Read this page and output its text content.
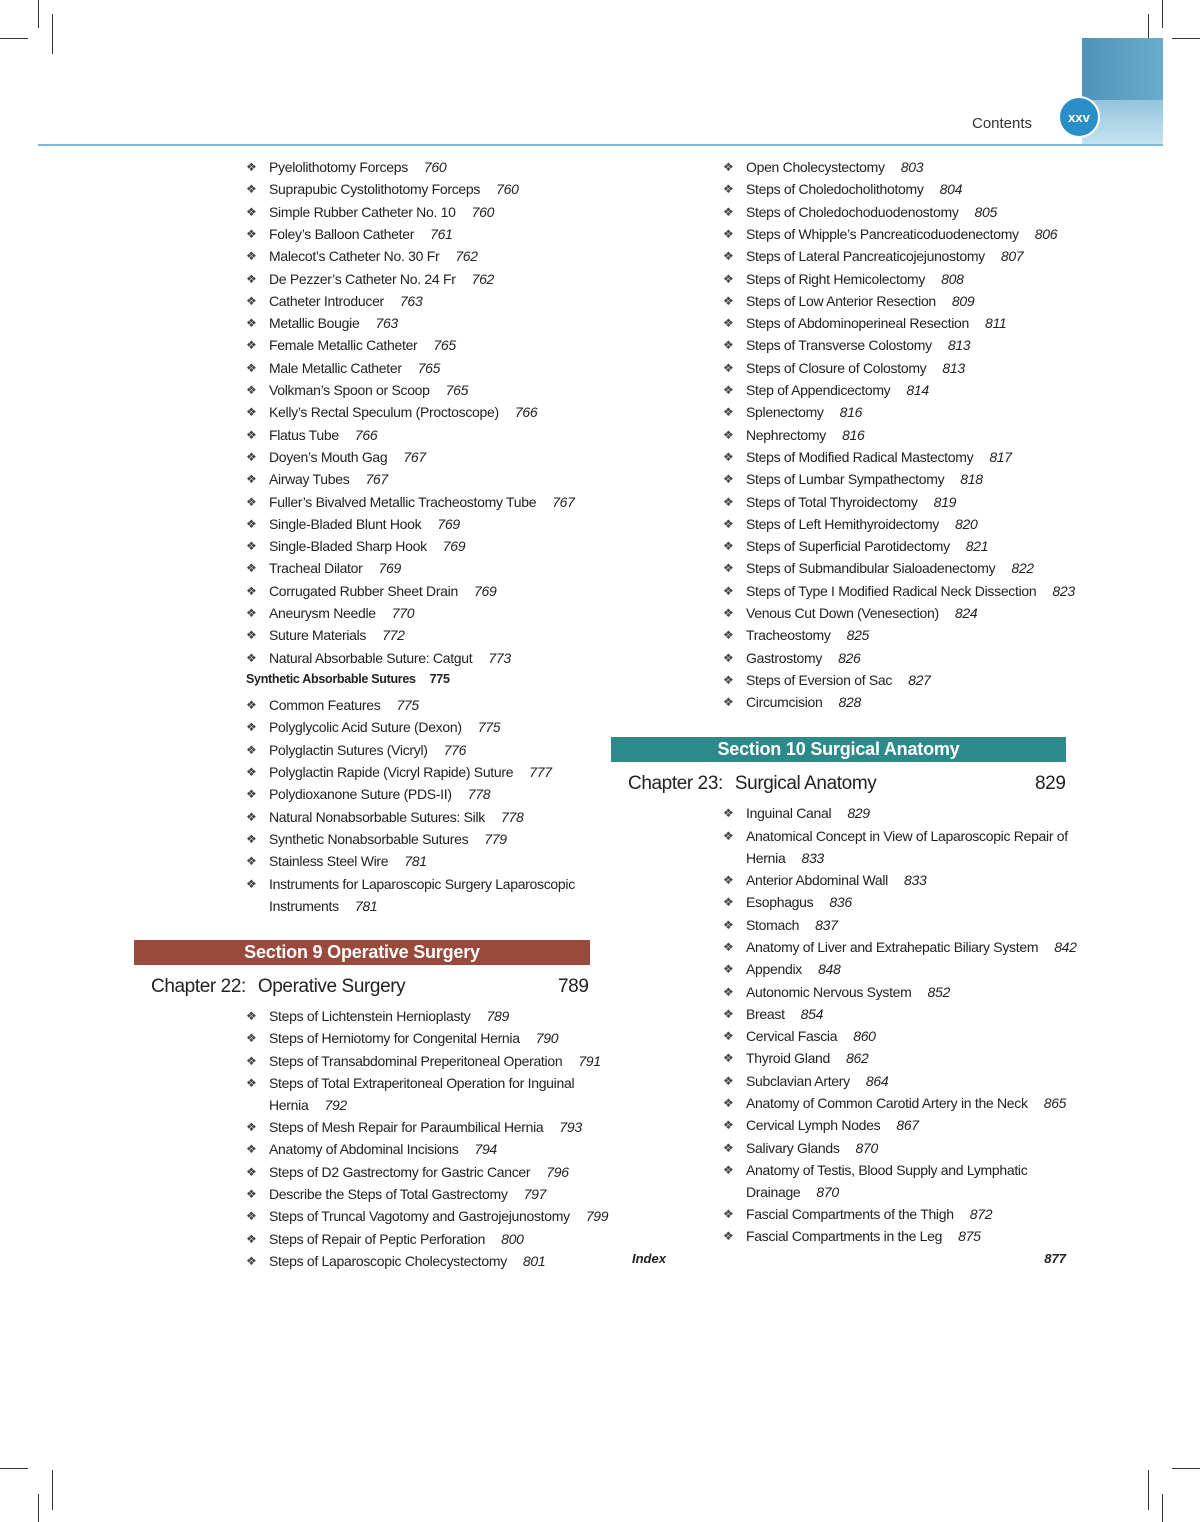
Contents	xxv
❖ Pyelolithotomy Forceps 760
❖ Suprapubic Cystolithotomy Forceps 760
❖ Simple Rubber Catheter No. 10 760
❖ Foley’s Balloon Catheter 761
❖ Malecot’s Catheter No. 30 Fr 762
❖ De Pezzer’s Catheter No. 24 Fr 762
❖ Catheter Introducer 763
❖ Metallic Bougie 763
❖ Female Metallic Catheter 765
❖ Male Metallic Catheter 765
❖ Volkman’s Spoon or Scoop 765
❖ Kelly’s Rectal Speculum (Proctoscope) 766
❖ Flatus Tube 766
❖ Doyen’s Mouth Gag 767
❖ Airway Tubes 767
❖ Fuller’s Bivalved Metallic Tracheostomy Tube 767
❖ Single-Bladed Blunt Hook 769
❖ Single-Bladed Sharp Hook 769
❖ Tracheal Dilator 769
❖ Corrugated Rubber Sheet Drain 769
❖ Aneurysm Needle 770
❖ Suture Materials 772
❖ Natural Absorbable Suture: Catgut 773
Synthetic Absorbable Sutures 775
❖ Common Features 775
❖ Polyglycolic Acid Suture (Dexon) 775
❖ Polyglactin Sutures (Vicryl) 776
❖ Polyglactin Rapide (Vicryl Rapide) Suture 777
❖ Polydioxanone Suture (PDS-II) 778
❖ Natural Nonabsorbable Sutures: Silk 778
❖ Synthetic Nonabsorbable Sutures 779
❖ Stainless Steel Wire 781
❖ Instruments for Laparoscopic Surgery Laparoscopic
Instruments 781
Section 9 Operative Surgery
Chapter 22: Operative Surgery	789
❖ Steps of Lichtenstein Hernioplasty 789
❖ Steps of Herniotomy for Congenital Hernia 790
❖ Steps of Transabdominal Preperitoneal Operation 791
❖ Steps of Total Extraperitoneal Operation for Inguinal
Hernia 792
❖ Steps of Mesh Repair for Paraumbilical Hernia 793
❖ Anatomy of Abdominal Incisions 794
❖ Steps of D2 Gastrectomy for Gastric Cancer 796
❖ Describe the Steps of Total Gastrectomy 797
❖ Steps of Truncal Vagotomy and Gastrojejunostomy 799
❖ Steps of Repair of Peptic Perforation 800
❖ Steps of Laparoscopic Cholecystectomy 801
❖ Open Cholecystectomy 803
❖ Steps of Choledocholithotomy 804
❖ Steps of Choledochoduodenostomy 805
❖ Steps of Whipple’s Pancreaticoduodenectomy 806
❖ Steps of Lateral Pancreaticojejunostomy 807
❖ Steps of Right Hemicolectomy 808
❖ Steps of Low Anterior Resection 809
❖ Steps of Abdominoperineal Resection 811
❖ Steps of Transverse Colostomy 813
❖ Steps of Closure of Colostomy 813
❖ Step of Appendicectomy 814
❖ Splenectomy 816
❖ Nephrectomy 816
❖ Steps of Modified Radical Mastectomy 817
❖ Steps of Lumbar Sympathectomy 818
❖ Steps of Total Thyroidectomy 819
❖ Steps of Left Hemithyroidectomy 820
❖ Steps of Superficial Parotidectomy 821
❖ Steps of Submandibular Sialoadenectomy 822
❖ Steps of Type I Modified Radical Neck Dissection 823
❖ Venous Cut Down (Venesection) 824
❖ Tracheostomy 825
❖ Gastrostomy 826
❖ Steps of Eversion of Sac 827
❖ Circumcision 828
Section 10 Surgical Anatomy
Chapter 23: Surgical Anatomy	829
❖ Inguinal Canal 829
❖ Anatomical Concept in View of Laparoscopic Repair of
Hernia 833
❖ Anterior Abdominal Wall 833
❖ Esophagus 836
❖ Stomach 837
❖ Anatomy of Liver and Extrahepatic Biliary System 842
❖ Appendix 848
❖ Autonomic Nervous System 852
❖ Breast 854
❖ Cervical Fascia 860
❖ Thyroid Gland 862
❖ Subclavian Artery 864
❖ Anatomy of Common Carotid Artery in the Neck 865
❖ Cervical Lymph Nodes 867
❖ Salivary Glands 870
❖ Anatomy of Testis, Blood Supply and Lymphatic
Drainage 870
❖ Fascial Compartments of the Thigh 872
❖ Fascial Compartments in the Leg 875
Index	877
